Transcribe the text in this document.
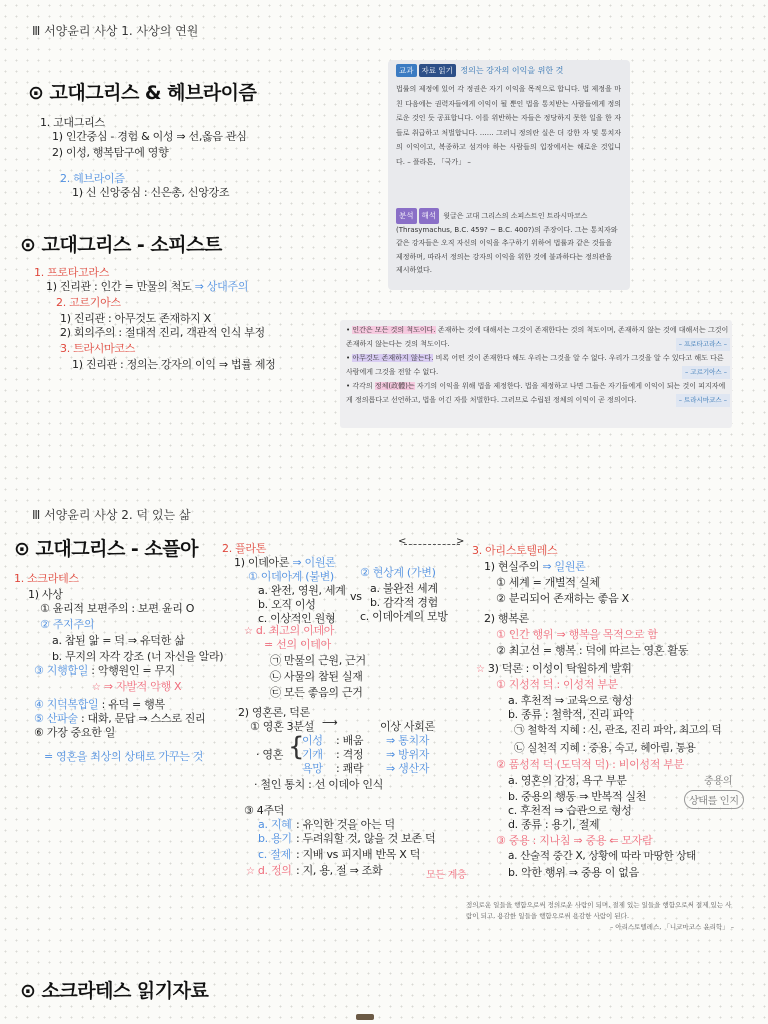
Ⅲ 서양윤리 사상 1. 사상의 연원
⊙ 고대그리스 & 헤브라이즘
1. 고대그리스
1) 인간중심 - 경험 & 이성 ⇒ 선,옳음 관심
2) 이성, 행복탐구에 영향
2. 헤브라이즘
1) 신 신앙중심 : 신은총, 신앙강조
⊙ 고대그리스 - 소피스트
1. 프로타고라스
1) 진리관 : 인간 = 만물의 척도 ⇒ 상대주의
2. 고르기아스
1) 진리관 : 아무것도 존재하지 X
2) 회의주의 : 절대적 진리, 객관적 인식 부정
3. 트라시마코스
1) 진리관 : 정의는 강자의 이익 ⇒ 법률 제정
교과 자료 읽기 정의는 강자의 이익을 위한 것
법률의 제정에 있어 각 정권은 자기 이익을 목적으로 합니다. 법 제정을 마친 다음에는 권력자들에게 이익이 될 뿐인 법을 통치받는 사람들에게 정의로운 것인 듯 공표합니다. 이를 위반하는 자들은 정당하지 못한 일을 한 자들로 취급하고 처벌합니다. …… 그러니 정의란 실은 더 강한 자 및 통치자의 이익이고, 복종하고 섬겨야 하는 사람들의 입장에서는 해로운 것입니다. – 플라톤, 「국가」 –
분석 해석 윗글은 고대 그리스의 소피스트인 트라시마코스(Thrasymachus, B.C. 459? ~ B.C. 400?)의 주장이다. 그는 통치자와 같은 강자들은 오직 자신의 이익을 추구하기 위하여 법률과 같은 것들을 제정하며, 따라서 정의는 강자의 이익을 위한 것에 불과하다는 정의관을 제시하였다.
• 인간은 모든 것의 척도이다. 존재하는 것에 대해서는 그것이 존재한다는 것의 척도이며, 존재하지 않는 것에 대해서는 그것이 존재하지 않는다는 것의 척도이다.	– 프로타고라스 –
• 아무것도 존재하지 않는다. 비록 어떤 것이 존재한다 해도 우리는 그것을 알 수 없다. 우리가 그것을 알 수 있다고 해도 다른 사람에게 그것을 전할 수 없다.	– 고르기아스 –
• 각각의 정체(政體)는 자기의 이익을 위해 법을 제정한다. 법을 제정하고 나면 그들은 자기들에게 이익이 되는 것이 피지자에게 정의롭다고 선언하고, 법을 어긴 자를 처벌한다. 그러므로 수립된 정체의 이익이 곧 정의이다.	– 트라시마코스 –
Ⅲ 서양윤리 사상 2. 덕 있는 삶
⊙ 고대그리스 - 소플아
1. 소크라테스
1) 사상
① 윤리적 보편주의 : 보편 윤리 O
② 주지주의
a. 참된 앎 = 덕 ⇒ 유덕한 삶
b. 무지의 자각 강조 (너 자신을 알라)
③ 지행합일 : 악행원인 = 무지
☆ ⇒ 자발적 악행 X
④ 지덕복합일 : 유덕 = 행복
⑤ 산파술 : 대화, 문답 ⇒ 스스로 진리
⑥ 가장 중요한 일
= 영혼을 최상의 상태로 가꾸는 것
2. 플라톤
1) 이데아론 ⇒ 이원론
① 이데아계 (불변)
a. 완전, 영원, 세계
b. 오직 이성
c. 이상적인 원형
vs
② 현상계 (가변)
a. 불완전 세계
b. 감각적 경험
c. 이데아계의 모방
☆ d. 최고의 이데아
= 선의 이데아
㉠ 만물의 근원, 근거
㉡ 사물의 참된 실재
㉢ 모든 좋음의 근거
2) 영혼론, 덕론
① 영혼 3분설 ⟶	이상 사회론
· 영혼 {
이성 : 배움 ⇒ 통치자
기개 : 격정 ⇒ 방위자
욕망 : 쾌락 ⇒ 생산자
· 철인 통치 : 선 이데아 인식
③ 4주덕
a. 지혜 : 유익한 것을 아는 덕
b. 용기 : 두려워할 것, 않을 것 보존 덕
c. 절제 : 지배 vs 피지배 반목 X 덕
☆ d. 정의 : 지, 용, 절 ⇒ 조화	모든 계층
<	>
3. 아리스토텔레스
1) 현실주의 ⇒ 일원론
① 세계 = 개별적 실체
② 분리되어 존재하는 좋음 X
2) 행복론
① 인간 행위 ⇒ 행복을 목적으로 함
② 최고선 = 행복 : 덕에 따르는 영혼 활동
☆ 3) 덕론 : 이성이 탁월하게 발휘
① 지성적 덕 : 이성적 부분
a. 후천적 ⇒ 교육으로 형성
b. 종류 : 철학적, 진리 파악
㉠ 철학적 지혜 : 신, 관조, 진리 파악, 최고의 덕
㉡ 실천적 지혜 : 중용, 숙고, 헤아림, 통용
② 품성적 덕 (도덕적 덕) : 비이성적 부분
a. 영혼의 감정, 욕구 부분
b. 중용의 행동 ⇒ 반복적 실천
c. 후천적 ⇒ 습관으로 형성
d. 종류 : 용기, 절제
③ 중용 : 지나침 ⇒ 중용 ⇐ 모자람
a. 산술적 중간 X, 상황에 따라 마땅한 상태
b. 악한 행위 ⇒ 중용 이 없음
중용의
상태를 인지
정의로운 일들을 행함으로써 정의로운 사람이 되며, 절제 있는 일들을 행함으로써 절제 있는 사람이 되고, 용감한 일들을 행함으로써 용감한 사람이 된다.

– 아리스토텔레스, 「니코마코스 윤리학」 –
⊙ 소크라테스 읽기자료
